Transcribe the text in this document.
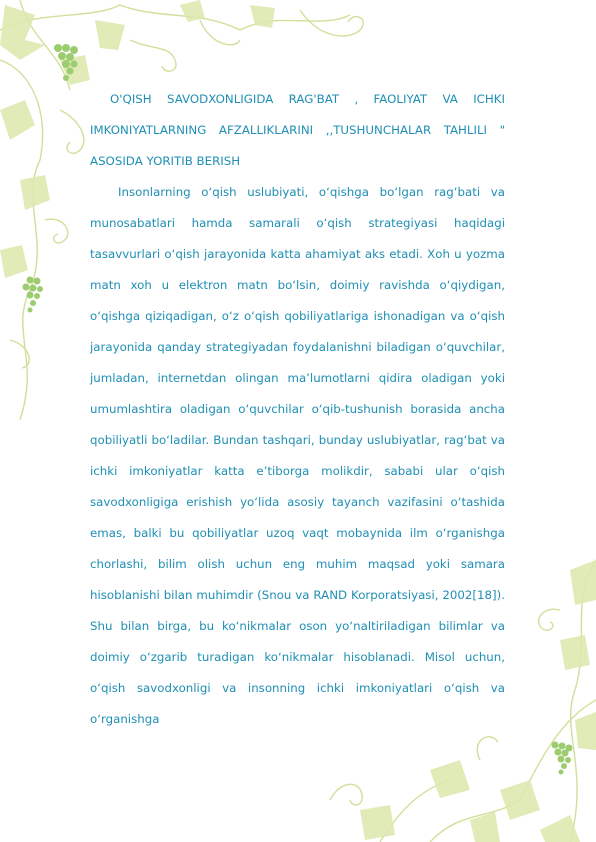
O'QISH SAVODXONLIGIDA RAG'BAT , FAOLIYAT VA ICHKI IMKONIYATLARNING AFZALLIKLARINI ,,TUSHUNCHALAR TAHLILI " ASOSIDA YORITIB BERISH

Insonlarning o‘qish uslubiyati, o‘qishga bo‘lgan rag‘bati va munosabatlari hamda samarali o‘qish strategiyasi haqidagi tasavvurlari o‘qish jarayonida katta ahamiyat aks etadi. Xoh u yozma matn xoh u elektron matn bo‘lsin, doimiy ravishda o‘qiydigan, o‘qishga qiziqadigan, o‘z o‘qish qobiliyatlariga ishonadigan va o‘qish jarayonida qanday strategiyadan foydalanishni biladigan o‘quvchilar, jumladan, internetdan olingan ma’lumotlarni qidira oladigan yoki umumlashtira oladigan o‘quvchilar o‘qib-tushunish borasida ancha qobiliyatli bo‘ladilar. Bundan tashqari, bunday uslubiyatlar, rag‘bat va ichki imkoniyatlar katta e’tiborga molikdir, sababi ular o‘qish savodxonligiga erishish yo‘lida asosiy tayanch vazifasini o‘tashida emas, balki bu qobiliyatlar uzoq vaqt mobaynida ilm o‘rganishga chorlashi, bilim olish uchun eng muhim maqsad yoki samara hisoblanishi bilan muhimdir (Snou va RAND Korporatsiyasi, 2002[18]). Shu bilan birga, bu ko‘nikmalar oson yo‘naltiriladigan bilimlar va doimiy o‘zgarib turadigan ko‘nikmalar hisoblanadi. Misol uchun, o‘qish savodxonligi va insonning ichki imkoniyatlari o‘qish va o‘rganishga
